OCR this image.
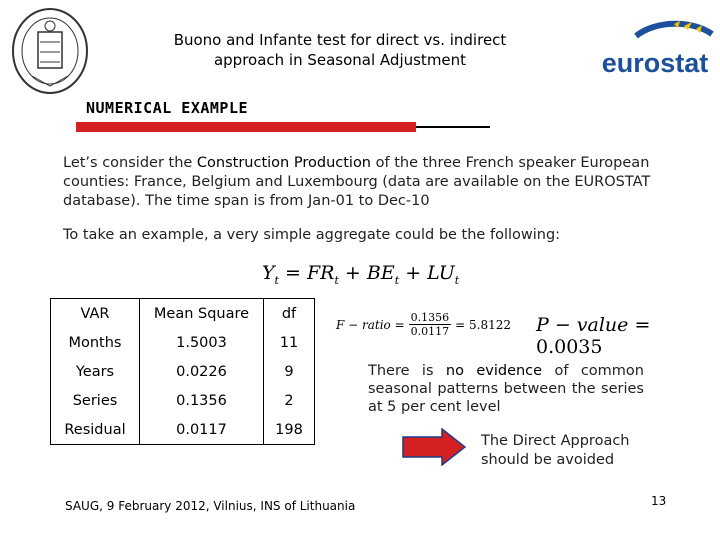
Buono and Infante test for direct vs. indirect
approach in Seasonal Adjustment	eurostat
NUMERICAL EXAMPLE
Let’s consider the Construction Production of the three French speaker European counties: France, Belgium and Luxembourg (data are available on the EUROSTAT database). The time span is from Jan-01 to Dec-10
To take an example, a very simple aggregate could be the following:
$Y_t = FR_t + BE_t + LU_t$
VAR	Mean Square	df
Months	1.5003	11
Years	0.0226	9
Series	0.1356	2
Residual	0.0117	198
F − ratio = $\frac{0.1356}{0.0117} = 5.8122$ P − value = 0.0035
There is no evidence of common seasonal patterns between the series at 5 per cent level
The Direct Approach
should be avoided
SAUG, 9 February 2012, Vilnius, INS of Lithuania	13
